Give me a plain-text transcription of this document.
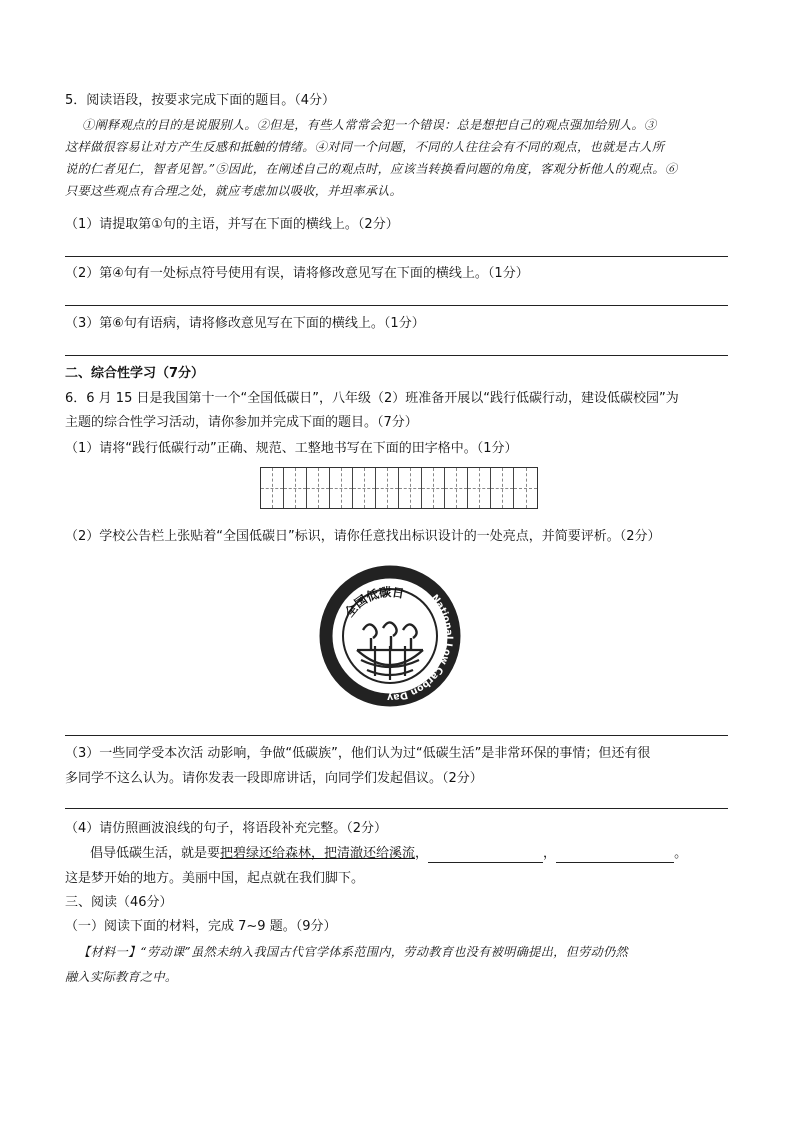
5．阅读语段，按要求完成下面的题目。（4分）
①阐释观点的目的是说服别人。②但是，有些人常常会犯一个错误：总是想把自己的观点强加给别人。③
这样做很容易让对方产生反感和抵触的情绪。④对同一个问题，不同的人往往会有不同的观点，也就是古人所
说的仁者见仁，智者见智。”⑤因此，在阐述自己的观点时，应该当转换看问题的角度，客观分析他人的观点。⑥
只要这些观点有合理之处，就应考虑加以吸收，并坦率承认。
（1）请提取第①句的主语，并写在下面的横线上。（2分）
（2）第④句有一处标点符号使用有误，请将修改意见写在下面的横线上。（1分）
（3）第⑥句有语病，请将修改意见写在下面的横线上。（1分）
二、综合性学习（7分）
6．6 月 15 日是我国第十一个“全国低碳日”，八年级（2）班准备开展以“践行低碳行动，建设低碳校园”为
主题的综合性学习活动，请你参加并完成下面的题目。（7分）
（1）请将“践行低碳行动”正确、规范、工整地书写在下面的田字格中。（1分）
（2）学校公告栏上张贴着“全国低碳日”标识，请你任意找出标识设计的一处亮点，并简要评析。（2分）
全国低碳日	National Low Carbon Day
（3）一些同学受本次活 动影响，争做“低碳族”，他们认为过“低碳生活”是非常环保的事情；但还有很
多同学不这么认为。请你发表一段即席讲话，向同学们发起倡议。（2分）
（4）请仿照画波浪线的句子，将语段补充完整。（2分）
倡导低碳生活，就是要把碧绿还给森林，把清澈还给溪流，	，	。
这是梦开始的地方。美丽中国，起点就在我们脚下。
三、阅读（46分）
（一）阅读下面的材料，完成 7~9 题。（9分）
【材料一】“劳动课”虽然未纳入我国古代官学体系范围内，劳动教育也没有被明确提出，但劳动仍然
融入实际教育之中。
